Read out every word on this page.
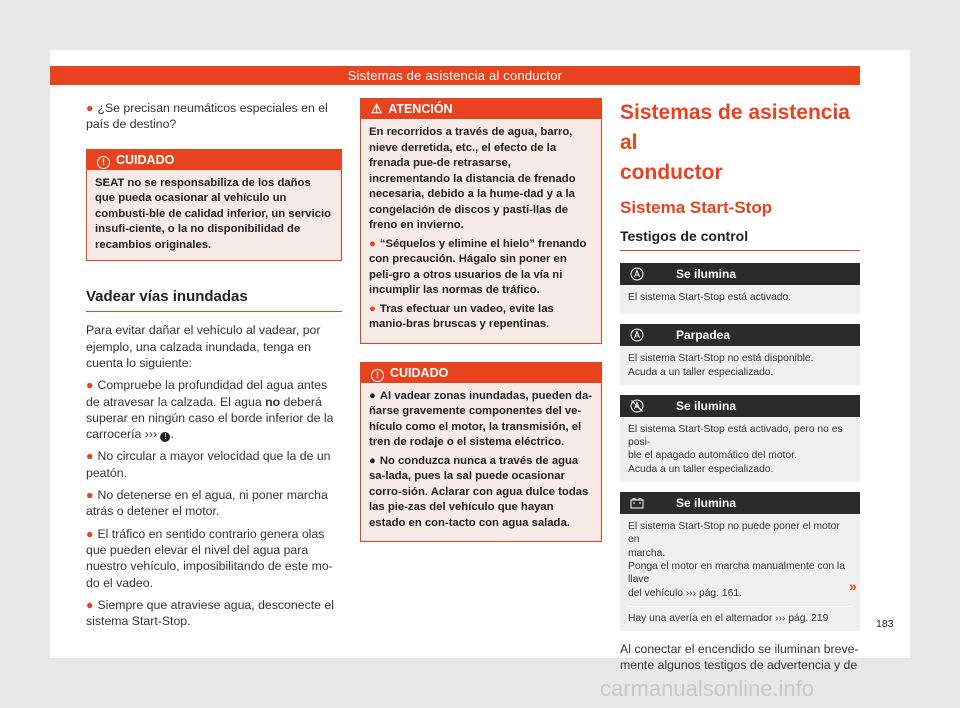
Sistemas de asistencia al conductor

● ¿Se precisan neumáticos especiales en el país de destino?

! CUIDADO
SEAT no se responsabiliza de los daños que pueda ocasionar al vehículo un combusti-ble de calidad inferior, un servicio insufi-ciente, o la no disponibilidad de recambios originales.
Vadear vías inundadas

Para evitar dañar el vehículo al vadear, por ejemplo, una calzada inundada, tenga en cuenta lo siguiente:

● Compruebe la profundidad del agua antes de atravesar la calzada. El agua no deberá superar en ningún caso el borde inferior de la carrocería ››› ! .

● No circular a mayor velocidad que la de un peatón.

● No detenerse en el agua, ni poner marcha atrás o detener el motor.

● El tráfico en sentido contrario genera olas que pueden elevar el nivel del agua para nuestro vehículo, imposibilitando de este mo-do el vadeo.

● Siempre que atraviese agua, desconecte el sistema Start-Stop.

⚠ ATENCIÓN

En recorridos a través de agua, barro, nieve derretida, etc., el efecto de la frenada pue-de retrasarse, incrementando la distancia de frenado necesaria, debido a la hume-dad y a la congelación de discos y pasti-llas de freno en invierno.

● “Séquelos y elimine el hielo” frenando con precaución. Hágalo sin poner en peli-gro a otros usuarios de la vía ni incumplir las normas de tráfico.

● Tras efectuar un vadeo, evite las manio-bras bruscas y repentinas.

! CUIDADO

● Al vadear zonas inundadas, pueden da-ñarse gravemente componentes del ve-hículo como el motor, la transmisión, el tren de rodaje o el sistema eléctrico.

● No conduzca nunca a través de agua sa-lada, pues la sal puede ocasionar corro-sión. Aclarar con agua dulce todas las pie-zas del vehículo que hayan estado en con-tacto con agua salada.

Sistemas de asistencia al

conductor

Sistema Start-Stop
Testigos de control
Se ilumina

El sistema Start-Stop está activado.

Parpadea
El sistema Start-Stop no está disponible.
Acuda a un taller especializado.
Se ilumina
El sistema Start-Stop está activado, pero no es posi-
ble el apagado automático del motor.
Acuda a un taller especializado.
Se ilumina
El sistema Start-Stop no puede poner el motor en
marcha.
Ponga el motor en marcha manualmente con la llave
del vehículo ››› pág. 161.
Hay una avería en el alternador ››› pág. 219

Al conectar el encendido se iluminan breve-mente algunos testigos de advertencia y de

»
183
carmanualsonline.info
